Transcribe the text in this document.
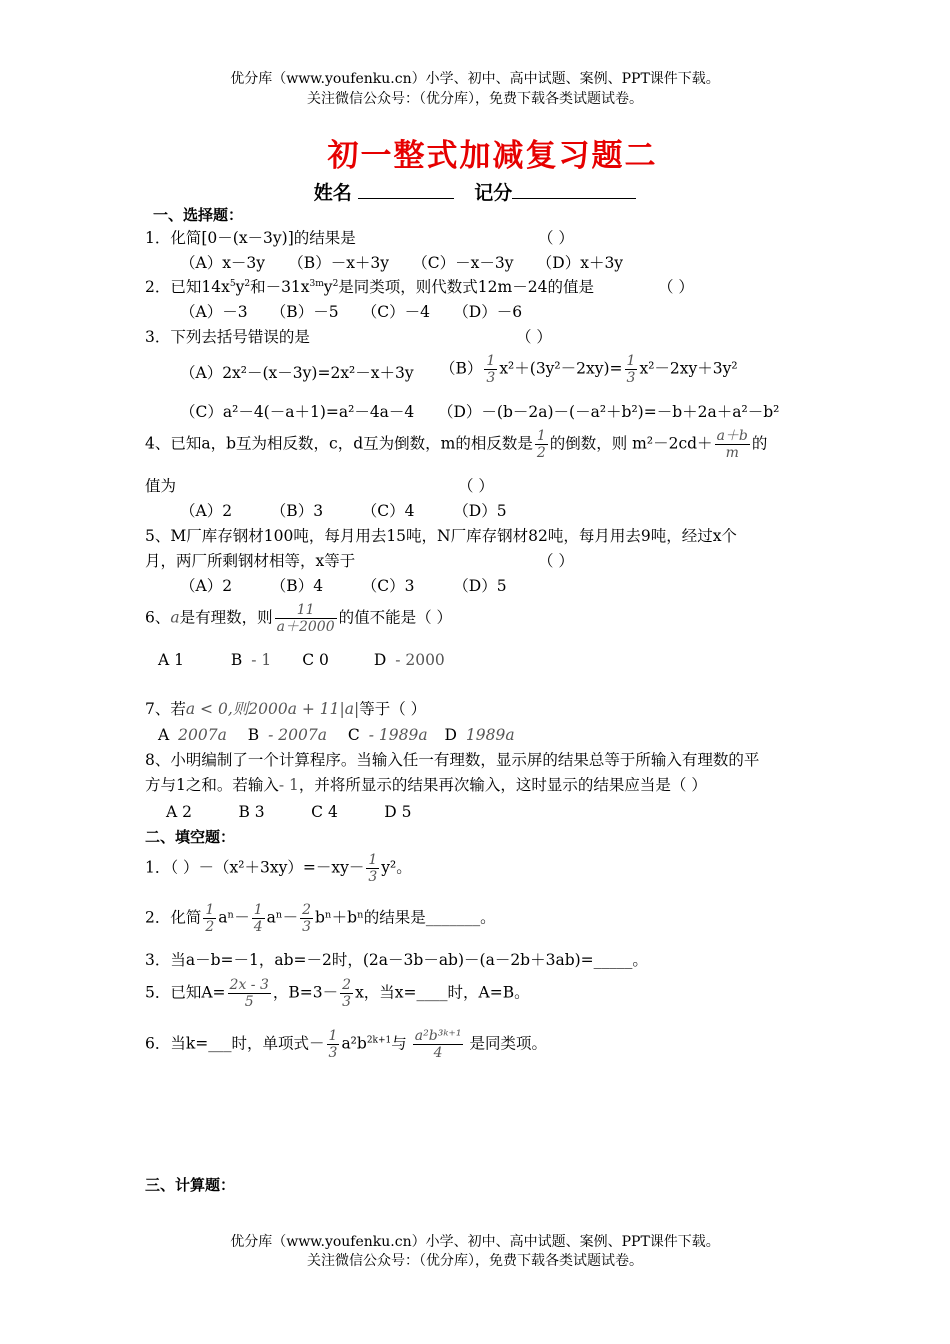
优分库（www.youfenku.cn）小学、初中、高中试题、案例、PPT课件下载。
关注微信公众号：（优分库），免费下载各类试题试卷。
初一整式加减复习题二
姓名	记分
一、选择题：
1．化简[0－(x－3y)]的结果是	（ ）
（A）x－3y　　（B）－x＋3y　　（C）－x－3y　　（D）x＋3y
2．已知$14x^5y^2$和$-31x^{3m}y^2$是同类项，则代数式12m－24的值是	（ ）
（A）－3　　（B）－5　　（C）－4　　（D）－6
3．下列去括号错误的是	（ ）
（A）2x²－(x－3y)=2x²－x＋3y $(B) \frac{1}{3} x^2+(3y^2-2xy)= \frac{1}{3} x^2-2xy+3y^2$
（C）a²－4(－a＋1)=a²－4a－4 （D）－(b－2a)－(－a²＋b²)=－b＋2a＋a²－b²
4、已知a，b互为相反数，c，d互为倒数，m的相反数是 $\frac{1}{2}$ 的倒数，则 $m^2-2cd+ \frac{a+b}{m}$ 的
值为	（ ）
（A）2　　　（B）3　　　（C）4　　　（D）5
5、M厂库存钢材100吨，每月用去15吨，N厂库存钢材82吨，每月用去9吨，经过x个
月，两厂所剩钢材相等，x等于	（ ）
（A）2　　　（B）4　　　（C）3　　　（D）5
6、a是有理数，则 $\frac{11}{a+2000}$ 的值不能是（ ）
A 1	B - 1 C 0	D - 2000
7、若a < 0,则2000a + 11|a|等于（ ）
A 2007a B - 2007a C - 1989a D 1989a
8、小明编制了一个计算程序。当输入任一有理数，显示屏的结果总等于所输入有理数的平
方与1之和。若输入- 1，并将所显示的结果再次输入，这时显示的结果应当是（ ）
A 2　　　B 3　　　C 4　　　D 5
二、填空题：
1．（ ）$-(x^2+3xy)=-xy- \frac{1}{3} y^2$。
2．化简 $\frac{1}{2} a^n- \frac{1}{4} a^n- \frac{2}{3} b^n+b^n$的结果是_______。
3．当a－b=－1，ab=－2时，(2a－3b－ab)－(a－2b＋3ab)=_____。
5．已知$A= \frac{2x - 3}{5}$ ，$B=3- \frac{2}{3}$ x，当x=____时，A=B。
6．当k=___时，单项式－ $\frac{1}{3} a^2b^{2k+1}$与 $\frac{\text{a²b³ᵏ⁺¹}}{4}$ 是同类项。
三、计算题：
优分库（www.youfenku.cn）小学、初中、高中试题、案例、PPT课件下载。
关注微信公众号：（优分库），免费下载各类试题试卷。
